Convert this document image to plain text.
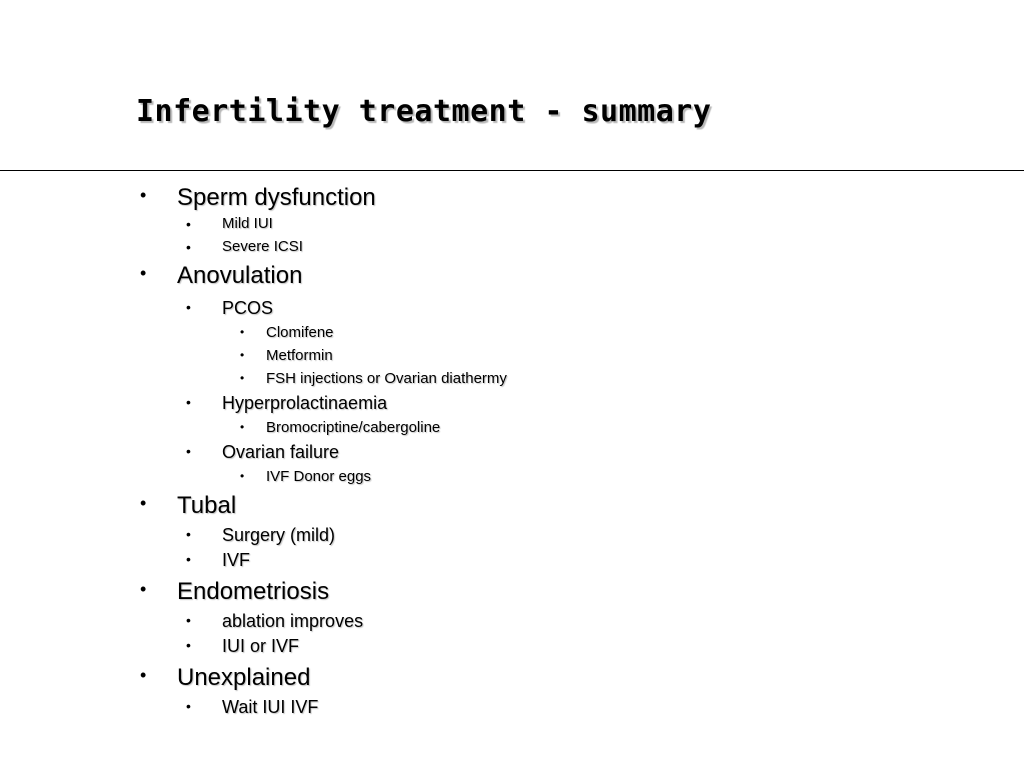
Infertility treatment - summary
• Sperm dysfunction
• Mild IUI
• Severe ICSI
• Anovulation
• PCOS
• Clomifene
• Metformin
• FSH injections or Ovarian diathermy
• Hyperprolactinaemia
• Bromocriptine/cabergoline
• Ovarian failure
• IVF Donor eggs
• Tubal
• Surgery (mild)
• IVF
• Endometriosis
• ablation improves
• IUI or IVF
• Unexplained
• Wait IUI IVF
